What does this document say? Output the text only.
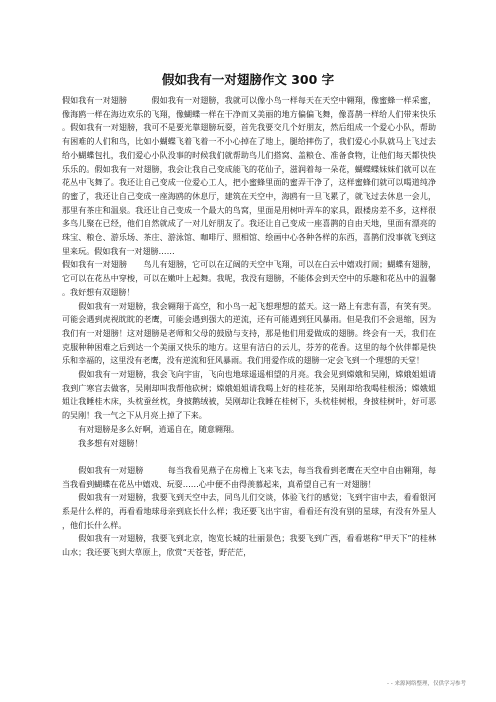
假如我有一对翅膀作文 300 字

假如我有一对翅膀　　　假如我有一对翅膀，我就可以像小鸟一样每天在天空中翱翔，像蜜蜂一样采蜜，像海鸥一样在海边欢乐的飞翔，像蝴蝶一样在干净而又美丽的地方偏偏飞舞，像喜鹊一样给人们带来快乐。假如我有一对翅膀，我可不是要光靠翅膀玩耍，首先我要交几个好朋友，然后组成一个爱心小队，帮助有困难的人们和鸟，比如小蝴蝶飞着飞着一不小心掉在了地上，腿给摔伤了，我们爱心小队就马上飞过去给小蝴蝶包扎，我们爱心小队没事的时候我们就帮助鸟儿们搭窝、盖粮仓、准备食物，让他们每天都快快乐乐的。假如我有一对翅膀，我会让我自己变成能飞的花仙子，滋润着每一朵花，蝴蝶蝶妹妹们就可以在花丛中飞舞了。我还让自己变成一位爱心工人，把小蜜蜂里面的蜜弄干净了，这样蜜蜂们就可以喝道纯净的蜜了，我还让自己变成一座海鸥的休息厅，建筑在天空中，海鸥有一旦飞累了，就飞过去休息一会儿，那里有茶庄和温泉。我还让自己变成一个最大的鸟窝，里面是用树叶弄车的家具，跟楼房差不多，这样很多鸟儿聚在已经，他们自然就成了一对儿好朋友了。我还让自己变成一座喜鹊的自由天地，里面有漂亮的珠宝、粮仓、游乐场、茶庄、游泳馆、咖啡厅、照相馆、绘画中心各种各样的东西，喜鹊们没事就飞到这里来玩。假如我有一对翅膀……

假如我有一对翅膀　　鸟儿有翅膀，它可以在辽阔的天空中飞翔，可以在白云中嬉戏打闹；蝴蝶有翅膀，它可以在花丛中穿梭，可以在嫩叶上起舞。我呢，我没有翅膀，不能体会到天空中的乐趣和花丛中的温馨。我好想有双翅膀！

　　假如我有一对翅膀，我会翱翔于高空，和小鸟一起飞想理想的蓝天。这一路上有悲有喜，有笑有哭。可能会遇到虎视眈眈的老鹰，可能会遇到强大的逆流，还有可能遇到狂风暴雨。但是我们不会退缩，因为我们有一对翅膀！这对翅膀是老师和父母的鼓励与支持，那是他们用爱做成的翅膀。终会有一天，我们在克服种种困难之后到达一个美丽又快乐的地方。这里有洁白的云儿，芬芳的花香。这里的每个伙伴都是快乐和幸福的，这里没有老鹰，没有逆流和狂风暴雨。我们用爱作成的翅膀一定会飞到一个理想的天堂！

　　假如我有一对翅膀，我会飞向宇宙，飞向也地球遥遥相望的月亮。我会见到嫦娥和吴刚，嫦娥姐姐请我到广寒宫去做客，吴刚却叫我帮他砍树；嫦娥姐姐请我喝上好的桂花茶，吴刚却给我喝桂根汤；嫦娥姐姐让我睡桂木床，头枕蚕丝枕，身披鹅绒被，吴刚却让我睡在桂树下，头枕桂树根，身披桂树叶，好可恶的吴刚！我一气之下从月亮上掉了下来。

　　有对翅膀是多么好啊，逍遥自在，随意翱翔。

　　我多想有对翅膀！

　　假如我有一对翅膀　　　每当我看见燕子在房檐上飞来飞去，每当我看到老鹰在天空中自由翱翔，每当我看到蝴蝶在花丛中嬉戏、玩耍……心中便不由得羡慕起来，真希望自己有一对翅膀！

　　假如我有一对翅膀，我要飞到天空中去，同鸟儿们交谈，体验飞行的感觉；飞到宇宙中去，看看银河系是什么样的，再看看地球母亲到底长什么样；我还要飞出宇宙，看看还有没有别的星球，有没有外星人，他们长什么样。

　　假如我有一对翅膀，我要飞到北京，饱览长城的壮丽景色；我要飞到广西，看看堪称“甲天下”的桂林山水；我还要飞到大草原上，欣赏“天苍苍，野茫茫，

- - 来源网络整理，仅供学习参考
